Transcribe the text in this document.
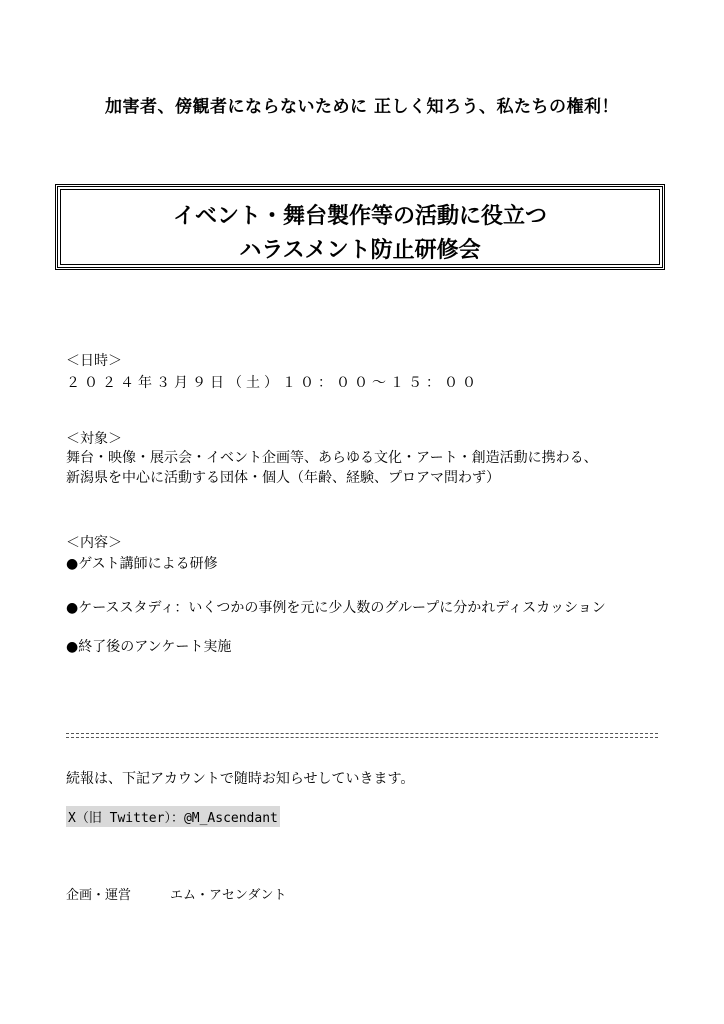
加害者、傍観者にならないために 正しく知ろう、私たちの権利！
イベント・舞台製作等の活動に役立つ
ハラスメント防止研修会
＜日時＞
２０２４年３月９日（土）１０：００〜１５：００
＜対象＞
舞台・映像・展示会・イベント企画等、あらゆる文化・アート・創造活動に携わる、
新潟県を中心に活動する団体・個人（年齢、経験、プロアマ問わず）
＜内容＞
●ゲスト講師による研修
●ケーススタディ：いくつかの事例を元に少人数のグループに分かれディスカッション
●終了後のアンケート実施
続報は、下記アカウントで随時お知らせしていきます。
X（旧 Twitter）：@M_Ascendant
企画・運営	エム・アセンダント
